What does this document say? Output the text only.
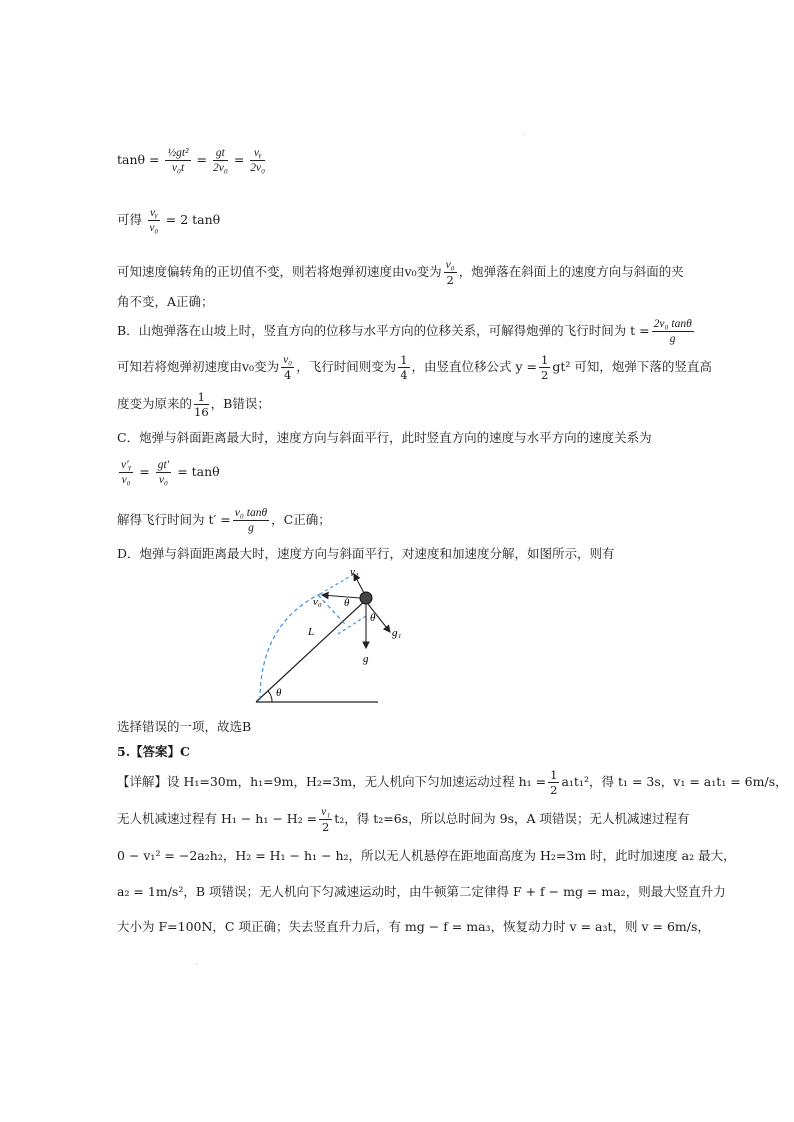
$\tan\theta = \frac{\text{½gt²}}{\text{v₀t}} = \frac{gt}{\text{2v₀}} = \frac{\text{vᵧ}}{\text{2v₀}}$
可得 $\frac{\text{vᵧ}}{\text{v₀}} = 2$ tanθ
可知速度偏转角的正切值不变，则若将炮弹初速度由v₀变为 $\frac{\text{v₀}}{2}$ ，炮弹落在斜面上的速度方向与斜面的夹
角不变，A正确；
B．山炮弹落在山坡上时，竖直方向的位移与水平方向的位移关系，可解得炮弹的飞行时间为 $t = \frac{\text{2v₀ tanθ}}{g}$
可知若将炮弹初速度由v₀变为 $\frac{\text{v₀}}{4}$ ，飞行时间则变为 $\frac{1}{4}$ ，由竖直位移公式 $y = \frac{1}{2} gt^2$ 可知，炮弹下落的竖直高
度变为原来的 $\frac{1}{16}$ ，B错误；
C．炮弹与斜面距离最大时，速度方向与斜面平行，此时竖直方向的速度与水平方向的速度关系为
$\frac{\text{v′ᵧ}}{\text{v₀}} = \frac{gt'}{\text{v₀}} = \tan\theta$
解得飞行时间为 $t' = \frac{\text{v₀ tanθ}}{g}$ ，C正确；
D．炮弹与斜面距离最大时，速度方向与斜面平行，对速度和加速度分解，如图所示，则有
v₁
v₀ θ
θ
L	g₁
g
θ
选择错误的一项，故选B
5.【答案】C
【详解】设 H₁=30m，h₁=9m，H₂=3m，无人机向下匀加速运动过程 $h_1 = \frac{1}{2} a_1t_1^2$，得 t₁ = 3s，v₁ = a₁t₁ = 6m/s，
无人机减速过程有 $H_1 - h_1 - H_2 = \frac{\text{v₁}}{2} t_2$，得 t₂=6s，所以总时间为 9s，A 项错误；无人机减速过程有
0 − v₁² = −2a₂h₂，H₂ = H₁ − h₁ − h₂，所以无人机悬停在距地面高度为 H₂=3m 时，此时加速度 a₂ 最大，
a₂ = 1m/s²，B 项错误；无人机向下匀减速运动时，由牛顿第二定律得 F + f − mg = ma₂，则最大竖直升力
大小为 F=100N，C 项正确；失去竖直升力后，有 mg − f = ma₃，恢复动力时 v = a₃t，则 v = 6m/s，
